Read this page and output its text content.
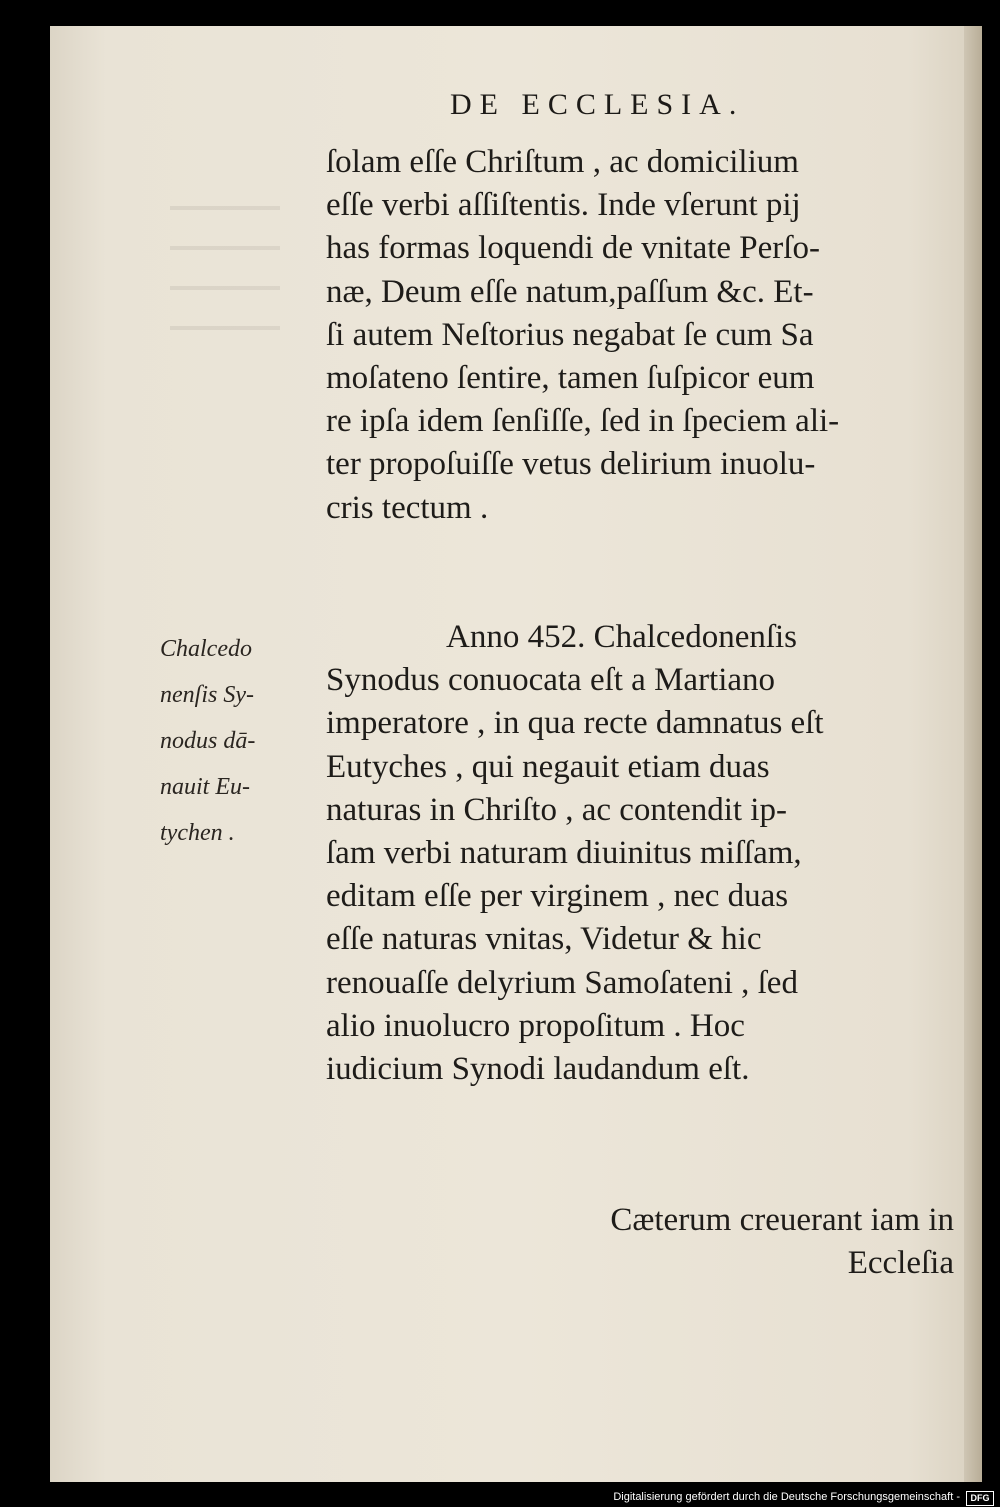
DE ECCLESIA.
ſolam eſſe Chriſtum , ac domicilium
eſſe verbi aſſiſtentis. Inde vſerunt pij
has formas loquendi de vnitate Perſo-
næ, Deum eſſe natum,paſſum &c. Et-
ſi autem Neſtorius negabat ſe cum Sa
moſateno ſentire, tamen ſuſpicor eum
re ipſa idem ſenſiſſe, ſed in ſpeciem ali-
ter propoſuiſſe vetus delirium inuolu-
cris tectum .
Chalcedo
nenſis Sy-
nodus dā-
nauit Eu-
tychen .
Anno 452. Chalcedonenſis
Synodus conuocata eſt a Martiano
imperatore , in qua recte damnatus eſt
Eutyches , qui negauit etiam duas
naturas in Chriſto , ac contendit ip-
ſam verbi naturam diuinitus miſſam,
editam eſſe per virginem , nec duas
eſſe naturas vnitas, Videtur & hic
renouaſſe delyrium Samoſateni , ſed
alio inuolucro propoſitum . Hoc
iudicium Synodi laudandum eſt.
Cæterum creuerant iam in
Eccleſia
Digitalisierung gefördert durch die Deutsche Forschungsgemeinschaft -	DFG
